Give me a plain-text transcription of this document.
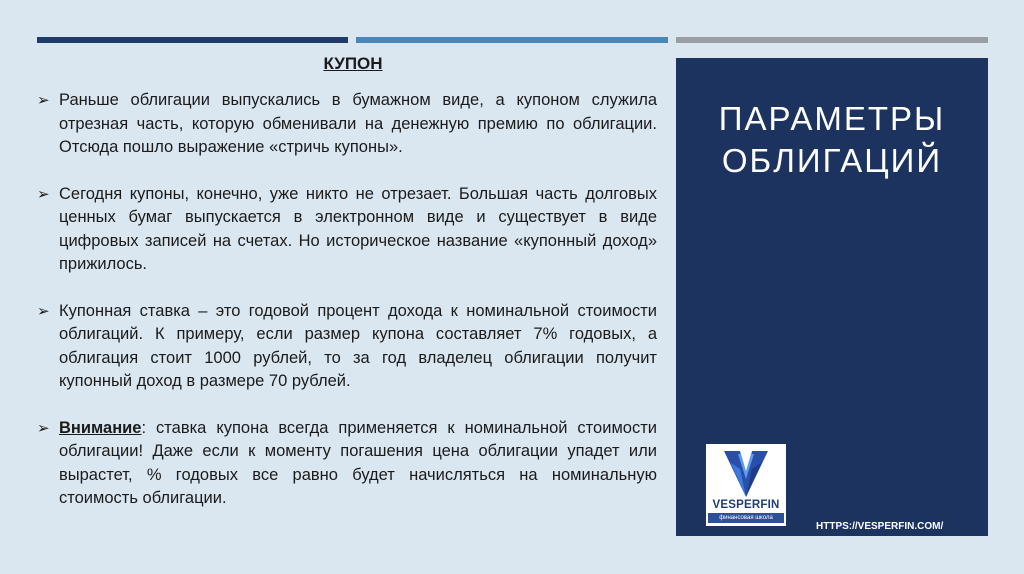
КУПОН
➢ Раньше облигации выпускались в бумажном виде, а купоном служила отрезная часть, которую обменивали на денежную премию по облигации. Отсюда пошло выражение «стричь купоны».

➢ Сегодня купоны, конечно, уже никто не отрезает. Большая часть долговых ценных бумаг выпускается в электронном виде и существует в виде цифровых записей на счетах. Но историческое название «купонный доход» прижилось.

➢ Купонная ставка – это годовой процент дохода к номинальной стоимости облигаций. К примеру, если размер купона составляет 7% годовых, а облигация стоит 1000 рублей, то за год владелец облигации получит купонный доход в размере 70 рублей.

➢ Внимание: ставка купона всегда применяется к номинальной стоимости облигации! Даже если к моменту погашения цена облигации упадет или вырастет, % годовых все равно будет начисляться на номинальную стоимость облигации.

ПАРАМЕТРЫ
ОБЛИГАЦИЙ
VESPERFIN
финансовая школа
HTTPS://VESPERFIN.COM/
